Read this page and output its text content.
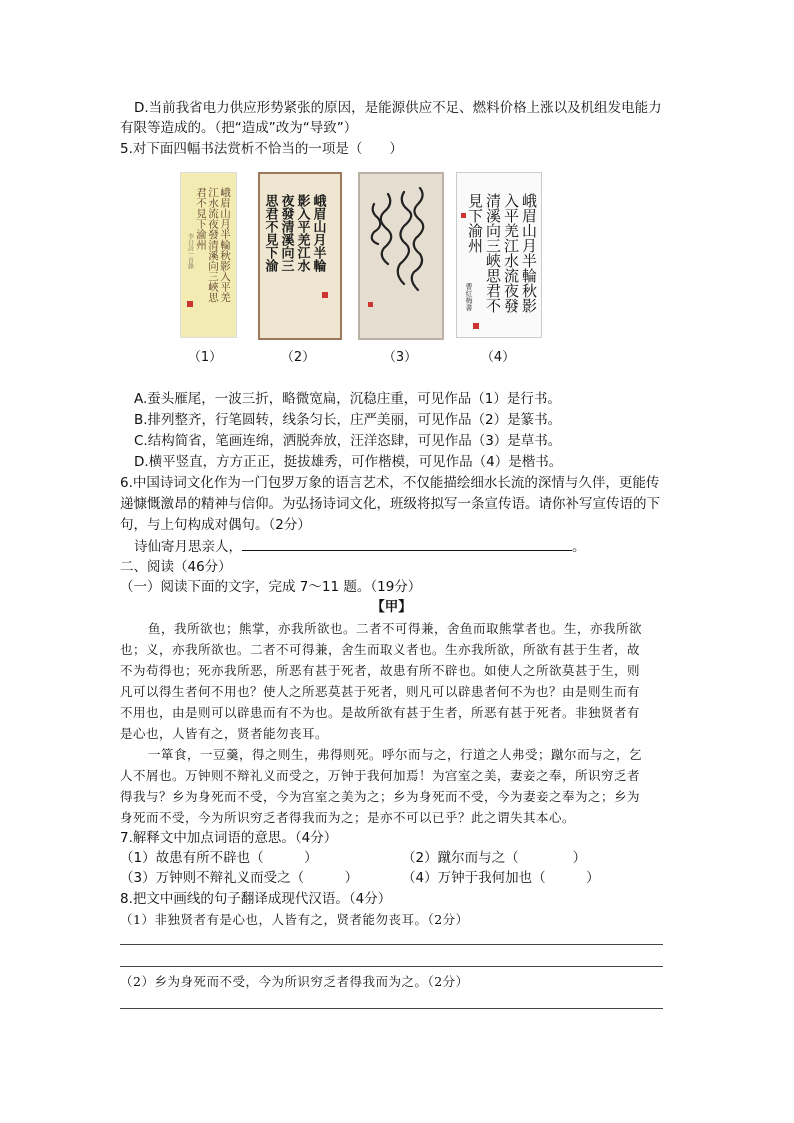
D.当前我省电力供应形势紧张的原因，是能源供应不足、燃料价格上涨以及机组发电能力
有限等造成的。（把“造成”改为“导致”）
5.对下面四幅书法赏析不恰当的一项是（　　）
峨眉山月半輪秋影入平羌
江水流夜發清溪向三峽思
君不見下渝州
李白詩一首錄	峨眉山月半輪
影入平羌江水
夜發清溪向三
思君不見下渝	峨眉山月半輪秋影
入平羌江水流夜發
清溪向三峽思君不
見下渝州
曹紅梅書
（1）	（2）	（3）	（4）
A.蚕头雁尾，一波三折，略微宽扁，沉稳庄重，可见作品（1）是行书。
B.排列整齐，行笔圆转，线条匀长，庄严美丽，可见作品（2）是篆书。
C.结构简省，笔画连绵，洒脱奔放，汪洋恣肆，可见作品（3）是草书。
D.横平竖直，方方正正，挺拔雄秀，可作楷模，可见作品（4）是楷书。
6.中国诗词文化作为一门包罗万象的语言艺术，不仅能描绘细水长流的深情与久伴，更能传
递慷慨激昂的精神与信仰。为弘扬诗词文化，班级将拟写一条宣传语。请你补写宣传语的下
句，与上句构成对偶句。（2分）
诗仙寄月思亲人，	。
二、阅读（46分）
（一）阅读下面的文字，完成 7～11 题。（19分）
【甲】
鱼，我所欲也；熊掌，亦我所欲也。二者不可得兼，舍鱼而取熊掌者也。生，亦我所欲
也；义，亦我所欲也。二者不可得兼，舍生而取义者也。生亦我所欲，所欲有甚于生者，故
不为苟得也；死亦我所恶，所恶有甚于死者，故患有所不辟也。如使人之所欲莫甚于生，则
凡可以得生者何不用也？使人之所恶莫甚于死者，则凡可以辟患者何不为也？由是则生而有
不用也，由是则可以辟患而有不为也。是故所欲有甚于生者，所恶有甚于死者。非独贤者有
是心也，人皆有之，贤者能勿丧耳。
一箪食，一豆羹，得之则生，弗得则死。呼尔而与之，行道之人弗受；蹴尔而与之，乞
人不屑也。万钟则不辩礼义而受之，万钟于我何加焉！为宫室之美，妻妾之奉，所识穷乏者
得我与？乡为身死而不受，今为宫室之美为之；乡为身死而不受，今为妻妾之奉为之；乡为
身死而不受，今为所识穷乏者得我而为之；是亦不可以已乎？此之谓失其本心。
7.解释文中加点词语的意思。（4分）
（1）故患有所不辟也（　　　）	（2）蹴尔而与之（　　　　）
（3）万钟则不辩礼义而受之（　　　）	（4）万钟于我何加也（　　　）
8.把文中画线的句子翻译成现代汉语。（4分）
（1）非独贤者有是心也，人皆有之，贤者能勿丧耳。（2分）
（2）乡为身死而不受，今为所识穷乏者得我而为之。（2分）
